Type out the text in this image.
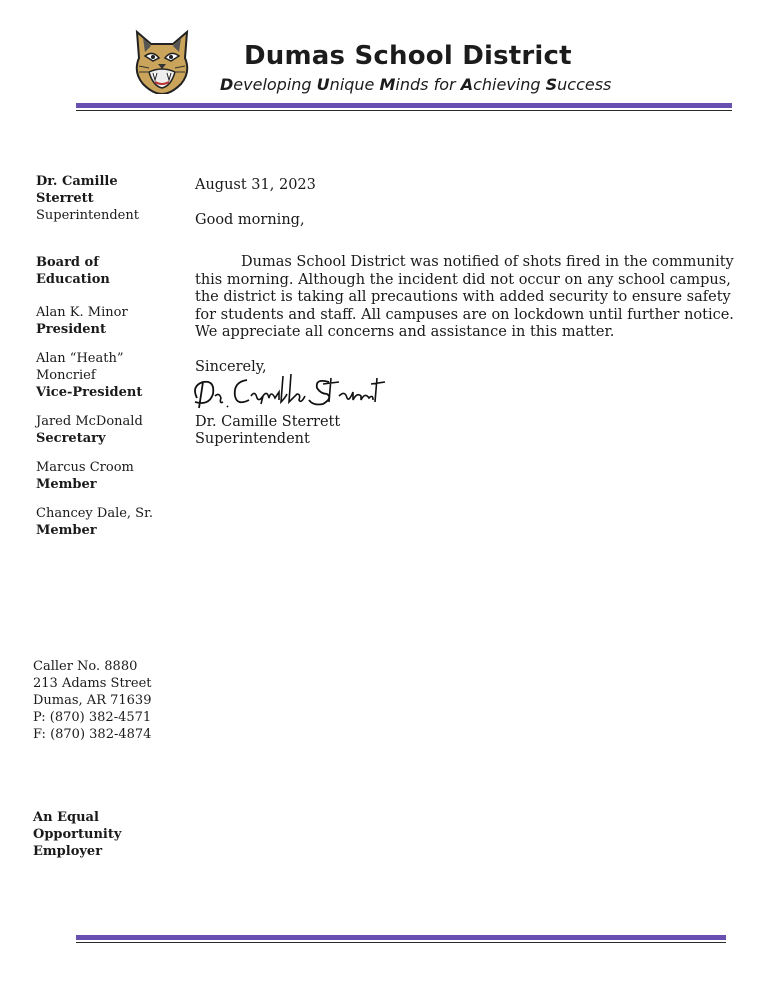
Dumas School District
Developing Unique Minds for Achieving Success
Dr. Camille Sterrett
Superintendent
Board of Education
Alan K. Minor
President
Alan “Heath” Moncrief
Vice-President
Jared McDonald
Secretary
Marcus Croom
Member
Chancey Dale, Sr.
Member
Caller No. 8880
213 Adams Street
Dumas, AR 71639
P: (870) 382-4571
F: (870) 382-4874
An Equal Opportunity Employer

August 31, 2023

Good morning,

Dumas School District was notified of shots fired in the community this morning. Although the incident did not occur on any school campus, the district is taking all precautions with added security to ensure safety for students and staff. All campuses are on lockdown until further notice. We appreciate all concerns and assistance in this matter.

Sincerely,

Dr. Camille Sterrett

Superintendent
